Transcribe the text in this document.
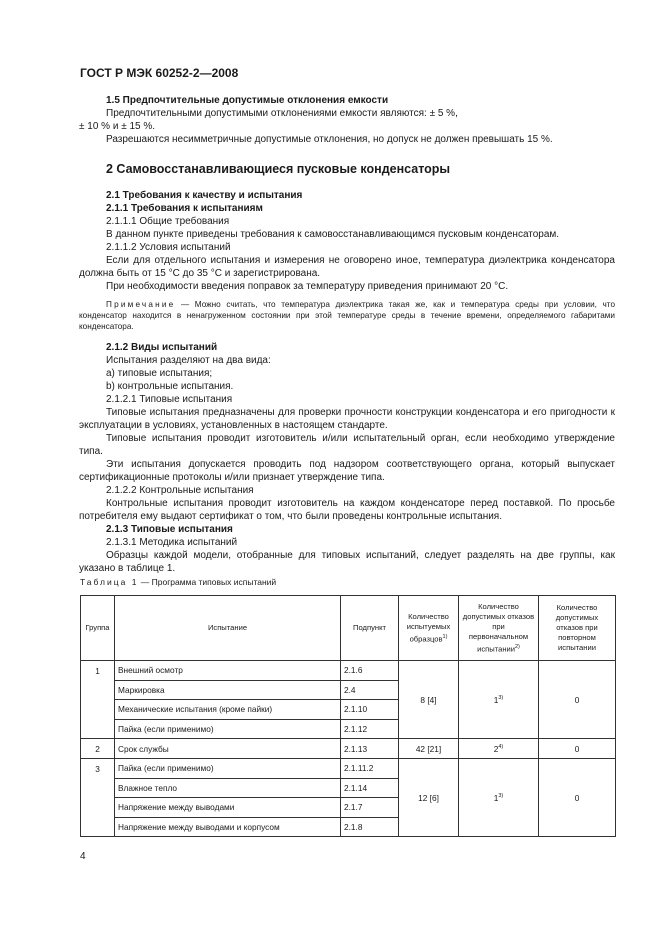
ГОСТ Р МЭК 60252-2—2008

1.5 Предпочтительные допустимые отклонения емкости

Предпочтительными допустимыми отклонениями емкости являются: ± 5 %,

± 10 % и ± 15 %.

Разрешаются несимметричные допустимые отклонения, но допуск не должен превышать 15 %.

2 Самовосстанавливающиеся пусковые конденсаторы

2.1 Требования к качеству и испытания

2.1.1 Требования к испытаниям

2.1.1.1 Общие требования

В данном пункте приведены требования к самовосстанавливающимся пусковым конденсаторам.

2.1.1.2 Условия испытаний

Если для отдельного испытания и измерения не оговорено иное, температура диэлектрика конденсатора должна быть от 15 °С до 35 °С и зарегистрирована.

При необходимости введения поправок за температуру приведения принимают 20 °С.

Примечание — Можно считать, что температура диэлектрика такая же, как и температура среды при условии, что конденсатор находится в ненагруженном состоянии при этой температуре среды в течение времени, определяемого габаритами конденсатора.

2.1.2 Виды испытаний

Испытания разделяют на два вида:

a) типовые испытания;

b) контрольные испытания.

2.1.2.1 Типовые испытания

Типовые испытания предназначены для проверки прочности конструкции конденсатора и его пригодности к эксплуатации в условиях, установленных в настоящем стандарте.

Типовые испытания проводит изготовитель и/или испытательный орган, если необходимо утверждение типа.

Эти испытания допускается проводить под надзором соответствующего органа, который выпускает сертификационные протоколы и/или признает утверждение типа.

2.1.2.2 Контрольные испытания

Контрольные испытания проводит изготовитель на каждом конденсаторе перед поставкой. По просьбе потребителя ему выдают сертификат о том, что были проведены контрольные испытания.

2.1.3 Типовые испытания

2.1.3.1 Методика испытаний

Образцы каждой модели, отобранные для типовых испытаний, следует разделять на две группы, как указано в таблице 1.

Таблица 1 — Программа типовых испытаний
Группа	Испытание	Подпункт	Количество испытуемых образцов$^{1)}$	Количество допустимых отказов при первоначальном испытании$^{2)}$	Количество допустимых отказов при повторном испытании
1	Внешний осмотр	2.1.6	8 [4]	1$^{3)}$	0
	Маркировка	2.4			
	Механические испытания (кроме пайки)	2.1.10			
	Пайка (если применимо)	2.1.12			
2	Срок службы	2.1.13	42 [21]	2$^{4)}$	0
3	Пайка (если применимо)	2.1.11.2	12 [6]	1$^{3)}$	0
	Влажное тепло	2.1.14			
	Напряжение между выводами	2.1.7			
	Напряжение между выводами и корпусом	2.1.8			
4
